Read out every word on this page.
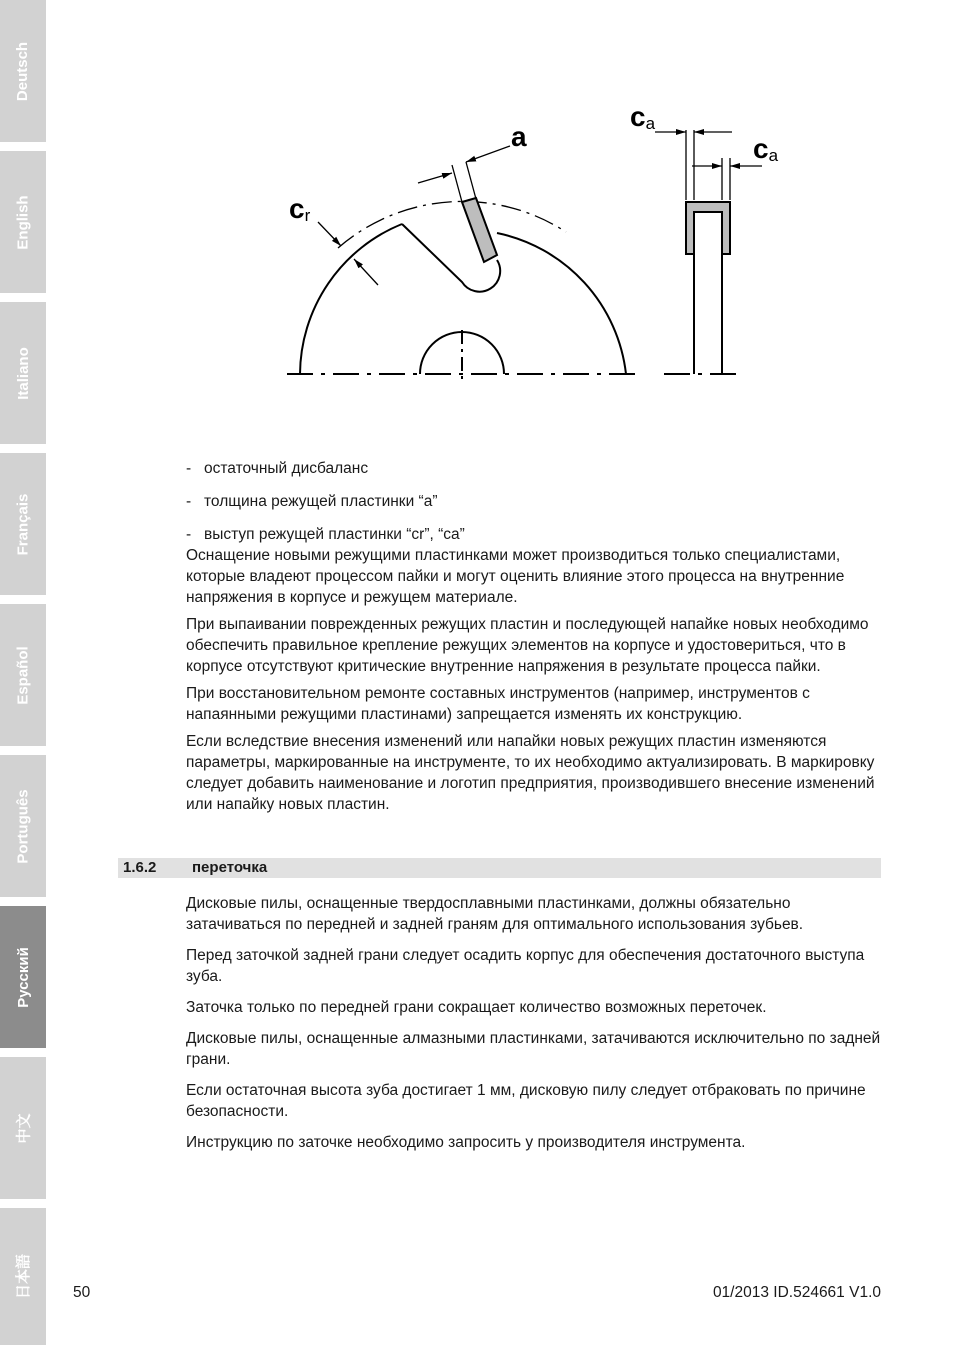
Deutsch
English
Italiano
Français
Español
Português
Русский
中文
日本語
a
cr
ca
ca
- остаточный дисбаланс
- толщина режущей пластинки “a”
- выступ режущей пластинки “cr”, “ca”

Оснащение новыми режущими пластинками может производиться только специалистами, которые владеют процессом пайки и могут оценить влияние этого процесса на внутренние напряжения в корпусе и режущем материале.

При выпаивании поврежденных режущих пластин и последующей напайке новых необходимо обеспечить правильное крепление режущих элементов на корпусе и удостовериться, что в корпусе отсутствуют критические внутренние напряжения в результате процесса пайки.

При восстановительном ремонте составных инструментов (например, инструментов с напаянными режущими пластинами) запрещается изменять их конструкцию.

Если вследствие внесения изменений или напайки новых режущих пластин изменяются параметры, маркированные на инструменте, то их необходимо актуализировать. В маркировку следует добавить наименование и логотип предприятия, производившего внесение изменений или напайку новых пластин.

1.6.2 переточка

Дисковые пилы, оснащенные твердосплавными пластинками, должны обязательно затачиваться по передней и задней граням для оптимального использования зубьев.

Перед заточкой задней грани следует осадить корпус для обеспечения достаточного выступа зуба.

Заточка только по передней грани сокращает количество возможных переточек.

Дисковые пилы, оснащенные алмазными пластинками, затачиваются исключительно по задней грани.

Если остаточная высота зуба достигает 1 мм, дисковую пилу следует отбраковать по причине безопасности.

Инструкцию по заточке необходимо запросить у производителя инструмента.

50	01/2013 ID.524661 V1.0
